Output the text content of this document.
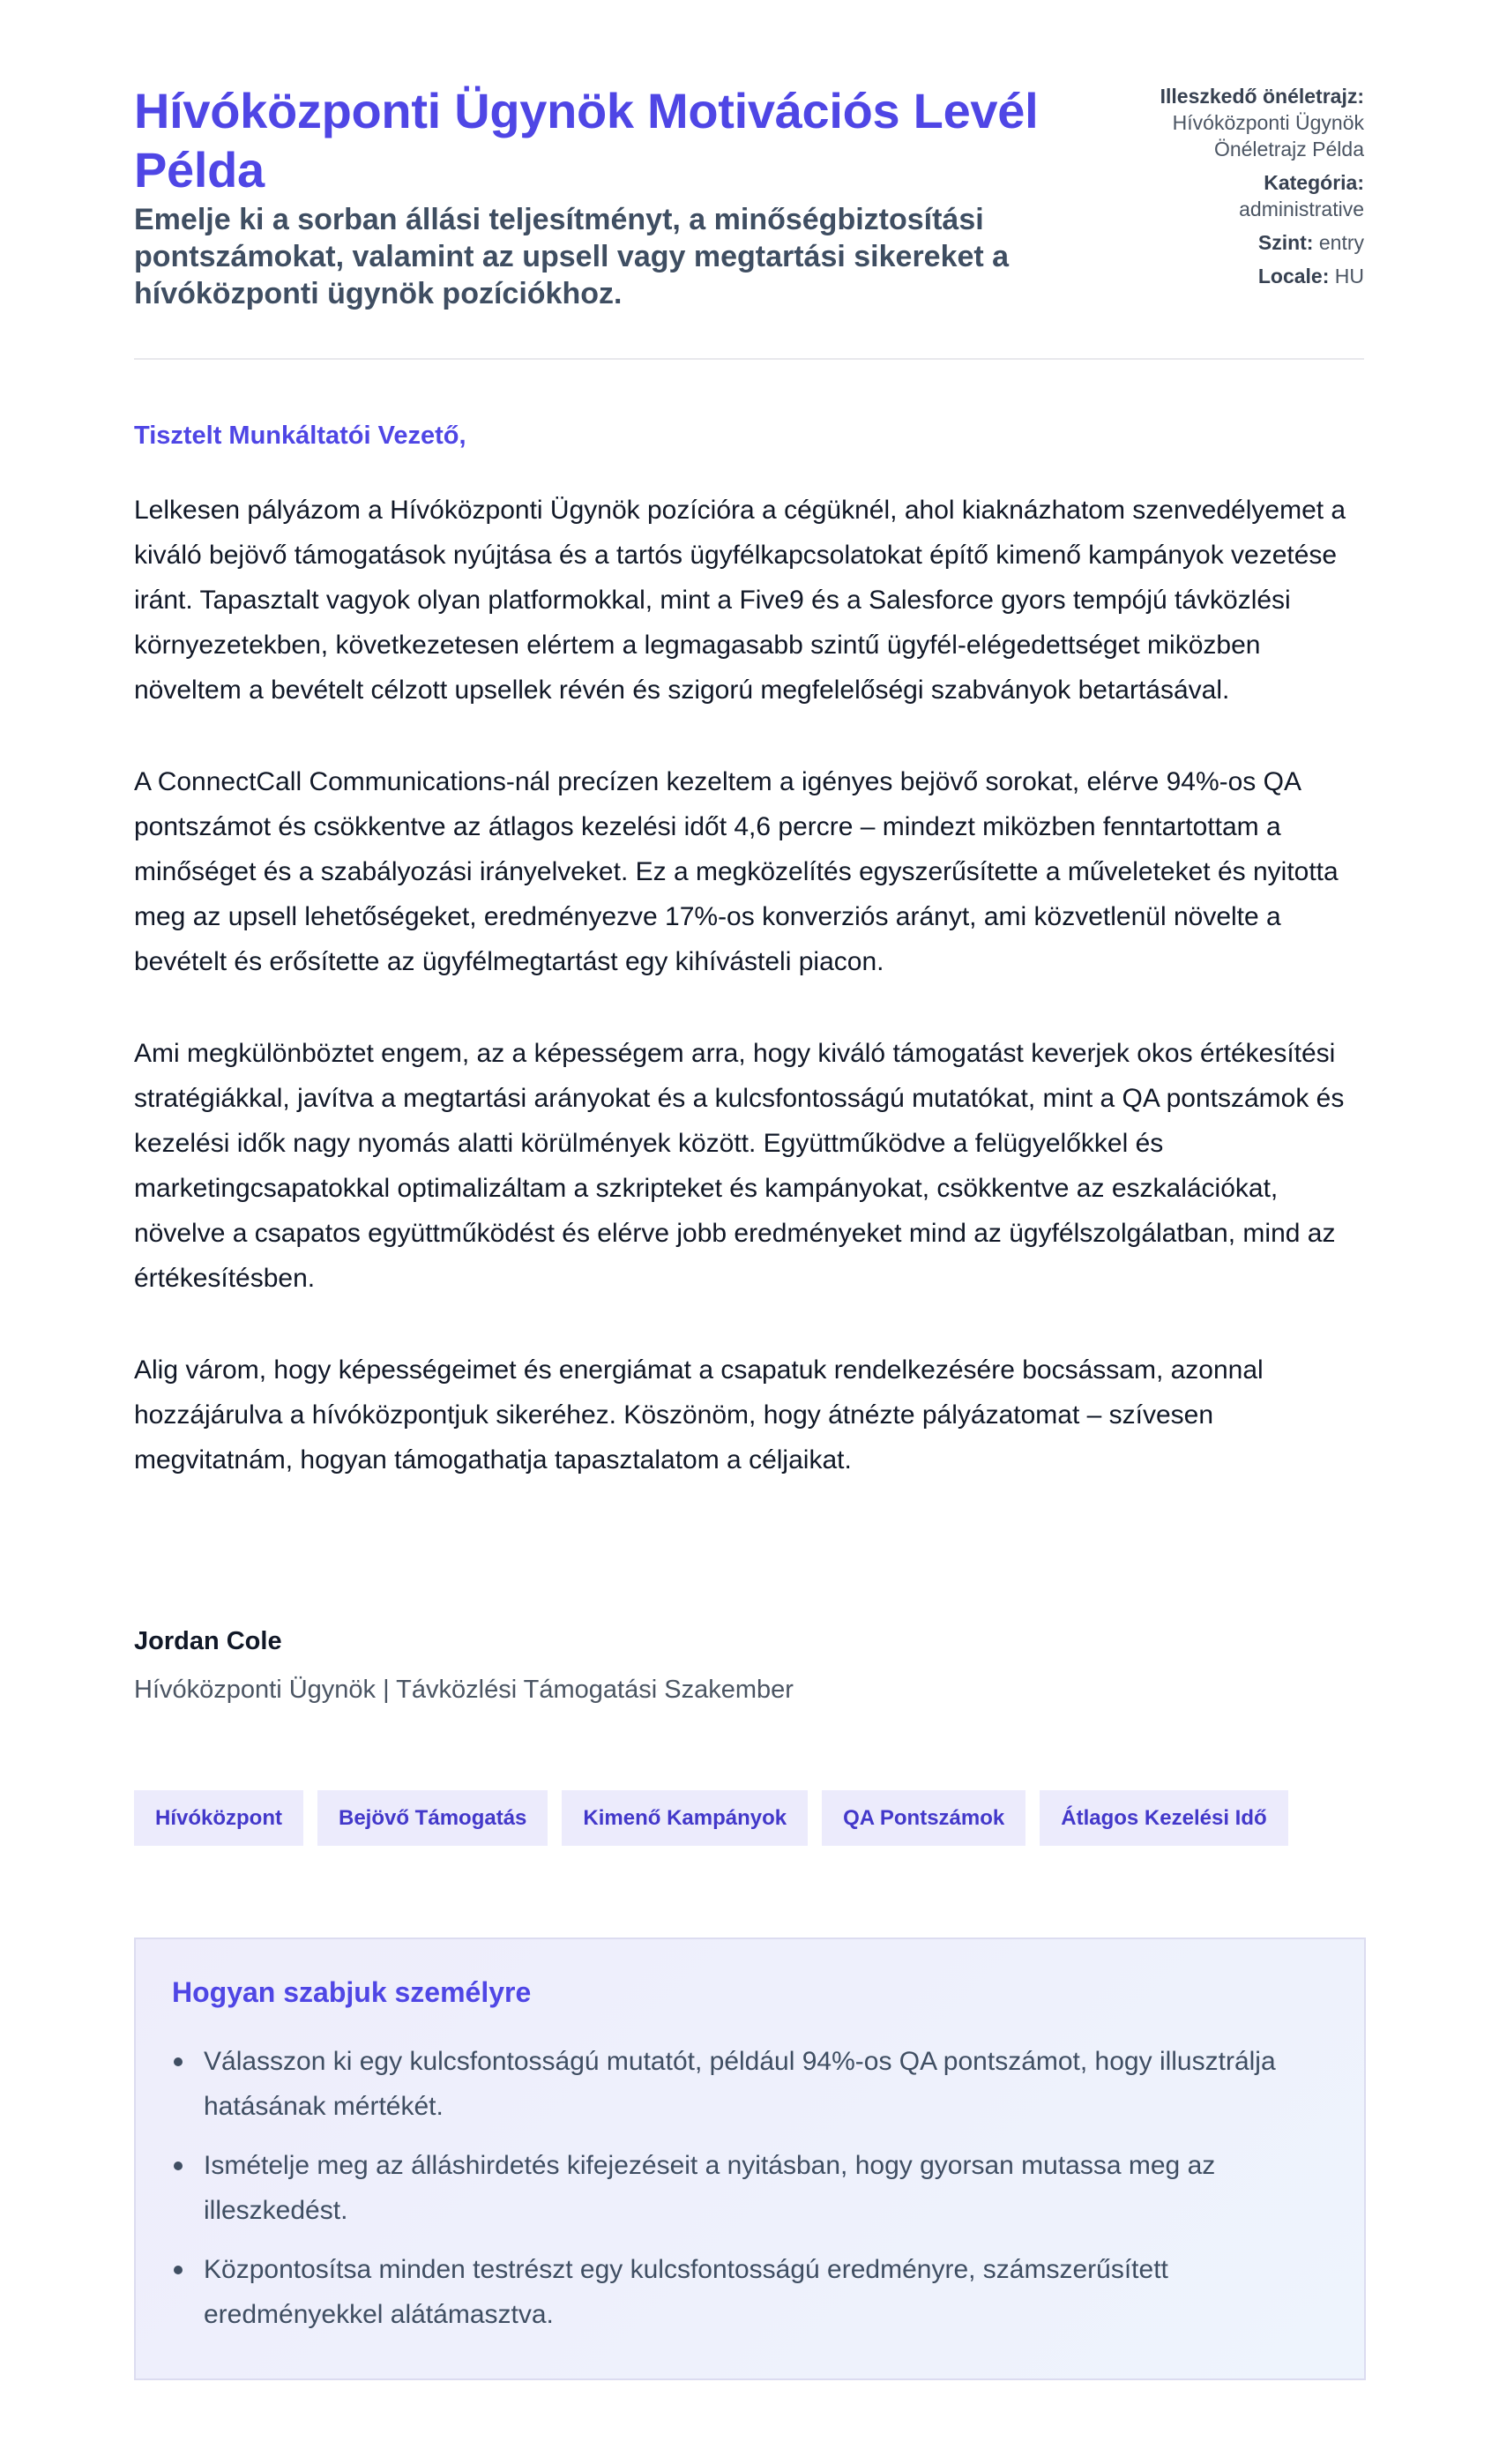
Hívóközponti Ügynök Motivációs Levél Példa

Emelje ki a sorban állási teljesítményt, a minőségbiztosítási pontszámokat, valamint az upsell vagy megtartási sikereket a hívóközponti ügynök pozíciókhoz.

Illeszkedő önéletrajz:
Hívóközponti Ügynök Önéletrajz Példa
Kategória:
administrative
Szint: entry
Locale: HU

Tisztelt Munkáltatói Vezető,

Lelkesen pályázom a Hívóközponti Ügynök pozícióra a cégüknél, ahol kiaknázhatom szenvedélyemet a kiváló bejövő támogatások nyújtása és a tartós ügyfélkapcsolatokat építő kimenő kampányok vezetése iránt. Tapasztalt vagyok olyan platformokkal, mint a Five9 és a Salesforce gyors tempójú távközlési környezetekben, következetesen elértem a legmagasabb szintű ügyfél-elégedettséget miközben növeltem a bevételt célzott upsellek révén és szigorú megfelelőségi szabványok betartásával.

A ConnectCall Communications-nál precízen kezeltem a igényes bejövő sorokat, elérve 94%-os QA pontszámot és csökkentve az átlagos kezelési időt 4,6 percre – mindezt miközben fenntartottam a minőséget és a szabályozási irányelveket. Ez a megközelítés egyszerűsítette a műveleteket és nyitotta meg az upsell lehetőségeket, eredményezve 17%-os konverziós arányt, ami közvetlenül növelte a bevételt és erősítette az ügyfélmegtartást egy kihívásteli piacon.

Ami megkülönböztet engem, az a képességem arra, hogy kiváló támogatást keverjek okos értékesítési stratégiákkal, javítva a megtartási arányokat és a kulcsfontosságú mutatókat, mint a QA pontszámok és kezelési idők nagy nyomás alatti körülmények között. Együttműködve a felügyelőkkel és marketingcsapatokkal optimalizáltam a szkripteket és kampányokat, csökkentve az eszkalációkat, növelve a csapatos együttműködést és elérve jobb eredményeket mind az ügyfélszolgálatban, mind az értékesítésben.

Alig várom, hogy képességeimet és energiámat a csapatuk rendelkezésére bocsássam, azonnal hozzájárulva a hívóközpontjuk sikeréhez. Köszönöm, hogy átnézte pályázatomat – szívesen megvitatnám, hogyan támogathatja tapasztalatom a céljaikat.

Jordan Cole

Hívóközponti Ügynök | Távközlési Támogatási Szakember

Hívóközpont	Bejövő Támogatás	Kimenő Kampányok	QA Pontszámok	Átlagos Kezelési Idő
Hogyan szabjuk személyre
Válasszon ki egy kulcsfontosságú mutatót, például 94%-os QA pontszámot, hogy illusztrálja hatásának mértékét.
Ismételje meg az álláshirdetés kifejezéseit a nyitásban, hogy gyorsan mutassa meg az illeszkedést.
Központosítsa minden testrészt egy kulcsfontosságú eredményre, számszerűsített eredményekkel alátámasztva.
